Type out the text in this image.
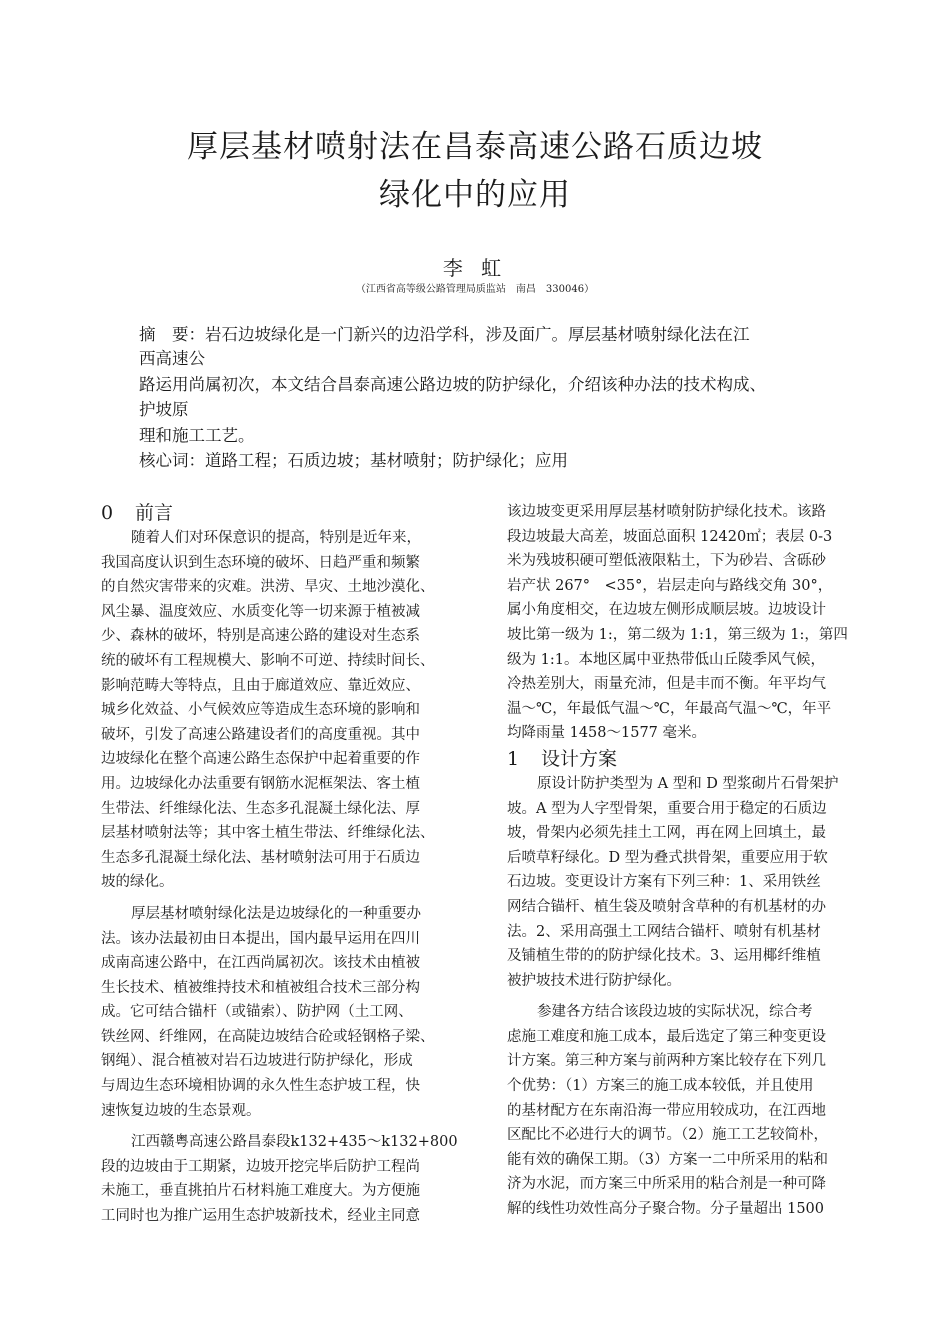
厚层基材喷射法在昌泰高速公路石质边坡
绿化中的应用
李 虹
（江西省高等级公路管理局质监站　南昌　330046）
摘　要：岩石边坡绿化是一门新兴的边沿学科，涉及面广。厚层基材喷射绿化法在江
西高速公
路运用尚属初次，本文结合昌泰高速公路边坡的防护绿化，介绍该种办法的技术构成、
护坡原
理和施工工艺。
核心词：道路工程；石质边坡；基材喷射；防护绿化；应用
0 前言
随着人们对环保意识的提高，特别是近年来，
我国高度认识到生态环境的破坏、日趋严重和频繁
的自然灾害带来的灾难。洪涝、旱灾、土地沙漠化、
风尘暴、温度效应、水质变化等一切来源于植被减
少、森林的破坏，特别是高速公路的建设对生态系
统的破坏有工程规模大、影响不可逆、持续时间长、
影响范畴大等特点，且由于廊道效应、靠近效应、
城乡化效益、小气候效应等造成生态环境的影响和
破坏，引发了高速公路建设者们的高度重视。其中
边坡绿化在整个高速公路生态保护中起着重要的作
用。边坡绿化办法重要有钢筋水泥框架法、客土植
生带法、纤维绿化法、生态多孔混凝土绿化法、厚
层基材喷射法等；其中客土植生带法、纤维绿化法、
生态多孔混凝土绿化法、基材喷射法可用于石质边
坡的绿化。
厚层基材喷射绿化法是边坡绿化的一种重要办
法。该办法最初由日本提出，国内最早运用在四川
成南高速公路中，在江西尚属初次。该技术由植被
生长技术、植被维持技术和植被组合技术三部分构
成。它可结合锚杆（或锚索）、防护网（土工网、
铁丝网、纤维网，在高陡边坡结合砼或轻钢格子梁、
钢绳）、混合植被对岩石边坡进行防护绿化，形成
与周边生态环境相协调的永久性生态护坡工程，快
速恢复边坡的生态景观。
江西赣粤高速公路昌泰段k132+435～k132+800
段的边坡由于工期紧，边坡开挖完毕后防护工程尚
未施工，垂直挑拍片石材料施工难度大。为方便施
工同时也为推广运用生态护坡新技术，经业主同意
该边坡变更采用厚层基材喷射防护绿化技术。该路
段边坡最大高差，坡面总面积 12420㎡；表层 0-3
米为残坡积硬可塑低液限粘土，下为砂岩、含砾砂
岩产状 267°　<35°，岩层走向与路线交角 30°，
属小角度相交，在边坡左侧形成顺层坡。边坡设计
坡比第一级为 1:，第二级为 1:1，第三级为 1:，第四
级为 1:1。本地区属中亚热带低山丘陵季风气候，
冷热差别大，雨量充沛，但是丰而不衡。年平均气
温～℃，年最低气温～℃，年最高气温～℃，年平
均降雨量 1458～1577 毫米。
1 设计方案
原设计防护类型为 A 型和 D 型浆砌片石骨架护
坡。A 型为人字型骨架，重要合用于稳定的石质边
坡，骨架内必须先挂土工网，再在网上回填土，最
后喷草籽绿化。D 型为叠式拱骨架，重要应用于软
石边坡。变更设计方案有下列三种：1、采用铁丝
网结合锚杆、植生袋及喷射含草种的有机基材的办
法。2、采用高强土工网结合锚杆、喷射有机基材
及铺植生带的的防护绿化技术。3、运用椰纤维植
被护坡技术进行防护绿化。
参建各方结合该段边坡的实际状况，综合考
虑施工难度和施工成本，最后选定了第三种变更设
计方案。第三种方案与前两种方案比较存在下列几
个优势：（1）方案三的施工成本较低，并且使用
的基材配方在东南沿海一带应用较成功，在江西地
区配比不必进行大的调节。（2）施工工艺较简朴，
能有效的确保工期。（3）方案一二中所采用的粘和
济为水泥，而方案三中所采用的粘合剂是一种可降
解的线性功效性高分子聚合物。分子量超出 1500
